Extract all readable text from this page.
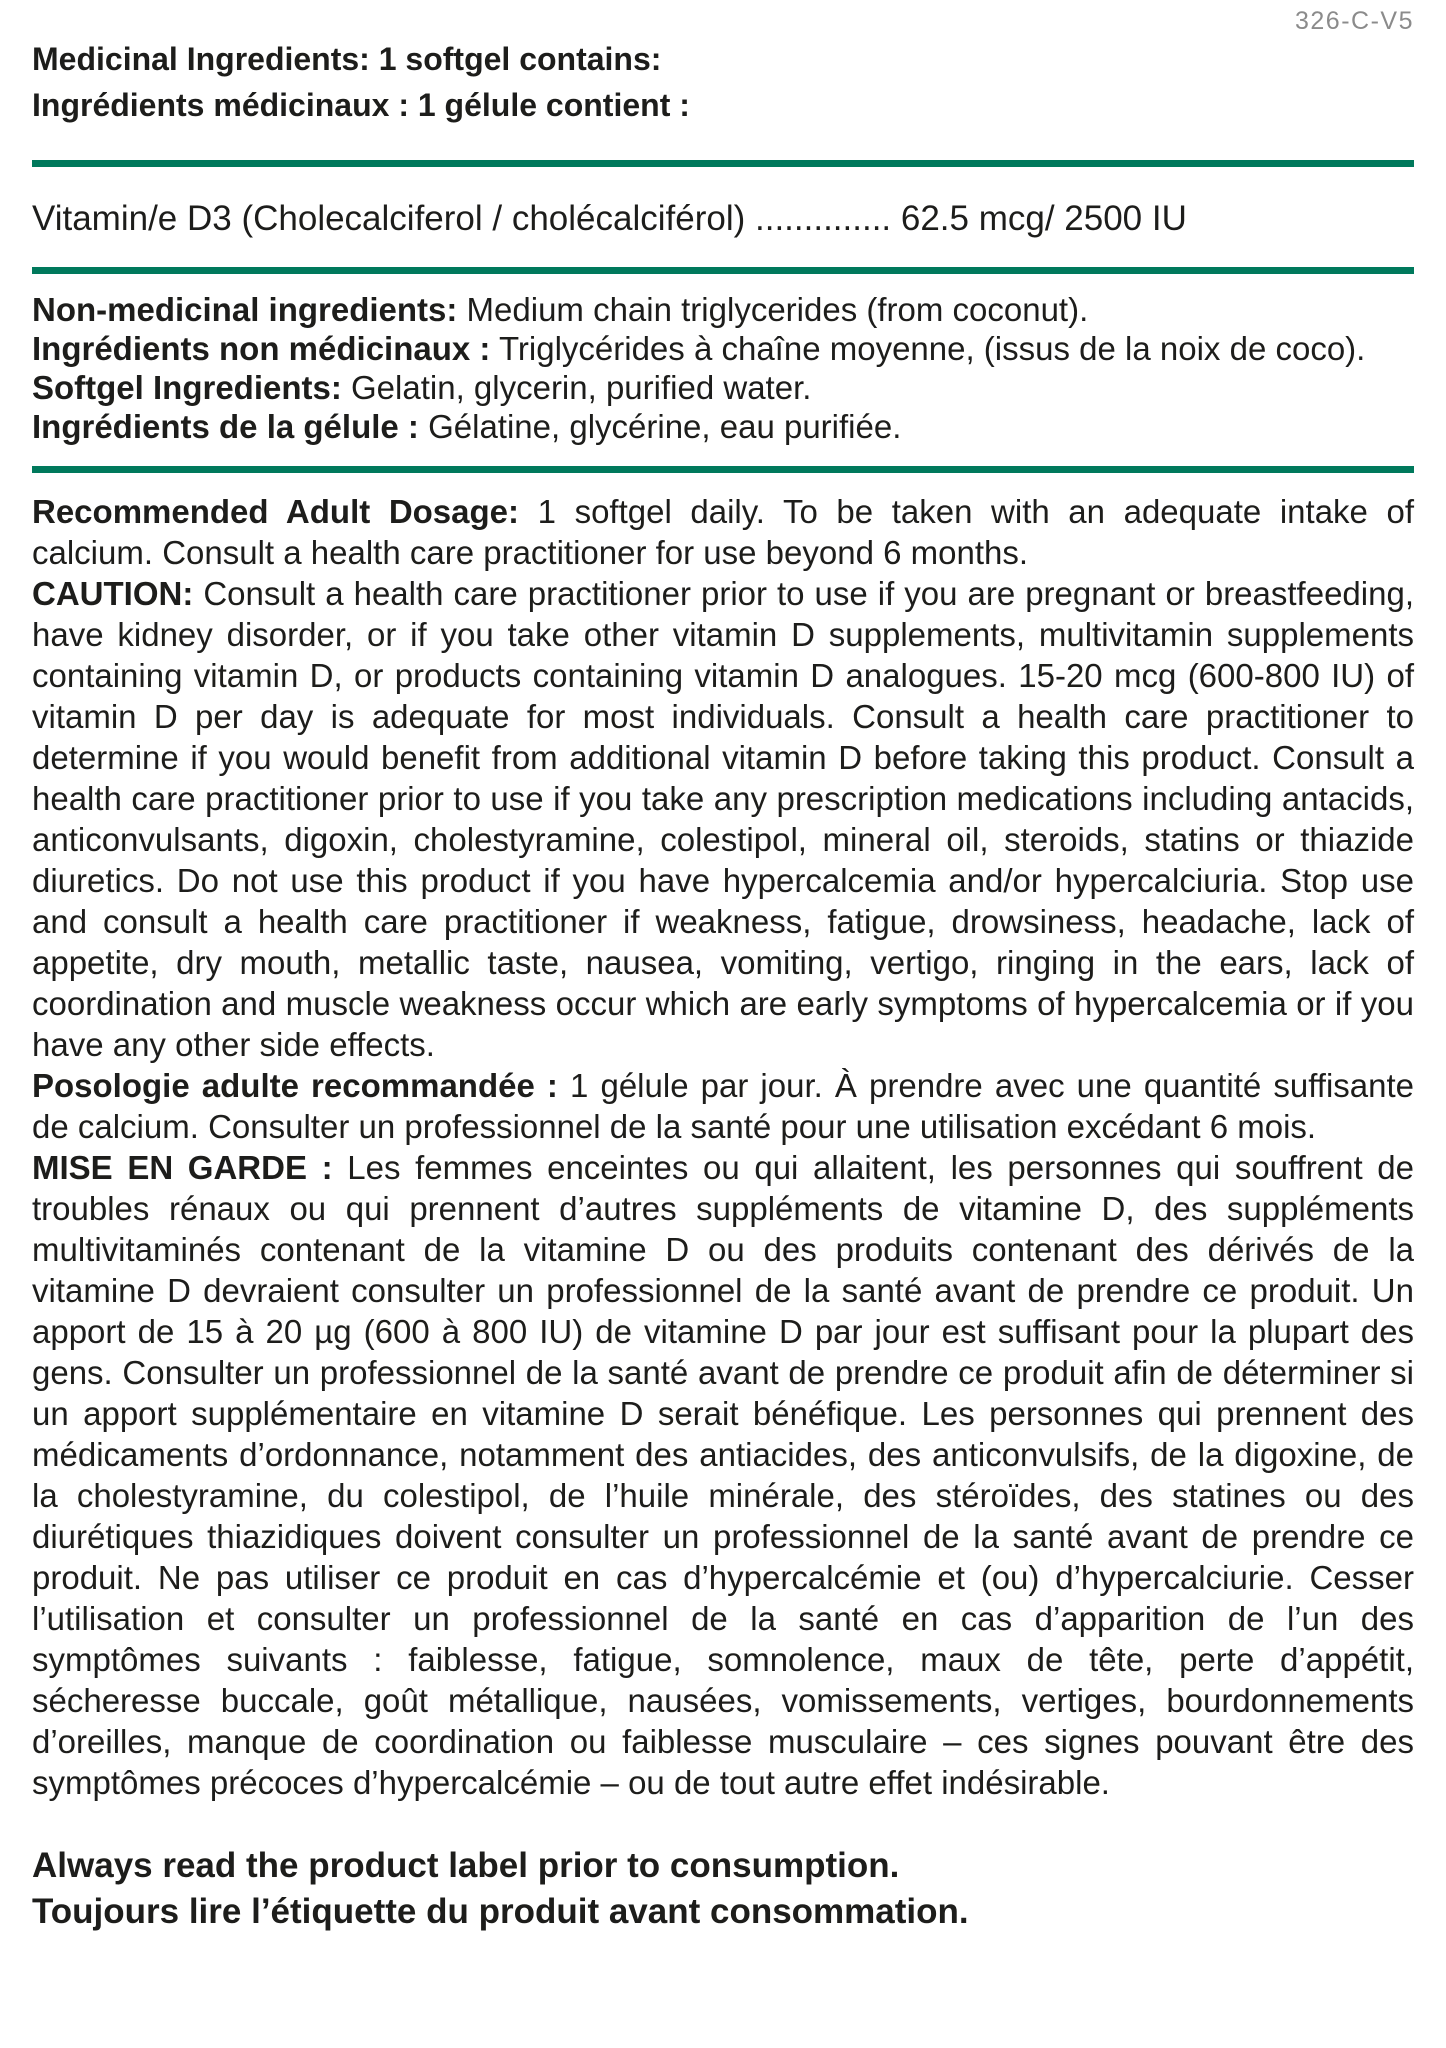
326-C-V5
Medicinal Ingredients: 1 softgel contains:
Ingrédients médicinaux : 1 gélule contient :
Vitamin/e D3 (Cholecalciferol / cholécalciférol) .............. 62.5 mcg/ 2500 IU

Non-medicinal ingredients: Medium chain triglycerides (from coconut).

Ingrédients non médicinaux : Triglycérides à chaîne moyenne, (issus de la noix de coco).

Softgel Ingredients: Gelatin, glycerin, purified water.

Ingrédients de la gélule : Gélatine, glycérine, eau purifiée.

Recommended Adult Dosage: 1 softgel daily. To be taken with an adequate intake of calcium. Consult a health care practitioner for use beyond 6 months.

CAUTION: Consult a health care practitioner prior to use if you are pregnant or breastfeeding, have kidney disorder, or if you take other vitamin D supplements, multivitamin supplements containing vitamin D, or products containing vitamin D analogues. 15-20 mcg (600-800 IU) of vitamin D per day is adequate for most individuals. Consult a health care practitioner to determine if you would benefit from additional vitamin D before taking this product. Consult a health care practitioner prior to use if you take any prescription medications including antacids, anticonvulsants, digoxin, cholestyramine, colestipol, mineral oil, steroids, statins or thiazide diuretics. Do not use this product if you have hypercalcemia and/or hypercalciuria. Stop use and consult a health care practitioner if weakness, fatigue, drowsiness, headache, lack of appetite, dry mouth, metallic taste, nausea, vomiting, vertigo, ringing in the ears, lack of coordination and muscle weakness occur which are early symptoms of hypercalcemia or if you have any other side effects.

Posologie adulte recommandée : 1 gélule par jour. À prendre avec une quantité suffisante de calcium. Consulter un professionnel de la santé pour une utilisation excédant 6 mois.

MISE EN GARDE : Les femmes enceintes ou qui allaitent, les personnes qui souffrent de troubles rénaux ou qui prennent d’autres suppléments de vitamine D, des suppléments multivitaminés contenant de la vitamine D ou des produits contenant des dérivés de la vitamine D devraient consulter un professionnel de la santé avant de prendre ce produit. Un apport de 15 à 20 µg (600 à 800 IU) de vitamine D par jour est suffisant pour la plupart des gens. Consulter un professionnel de la santé avant de prendre ce produit afin de déterminer si un apport supplémentaire en vitamine D serait bénéfique. Les personnes qui prennent des médicaments d’ordonnance, notamment des antiacides, des anticonvulsifs, de la digoxine, de la cholestyramine, du colestipol, de l’huile minérale, des stéroïdes, des statines ou des diurétiques thiazidiques doivent consulter un professionnel de la santé avant de prendre ce produit. Ne pas utiliser ce produit en cas d’hypercalcémie et (ou) d’hypercalciurie. Cesser l’utilisation et consulter un professionnel de la santé en cas d’apparition de l’un des symptômes suivants : faiblesse, fatigue, somnolence, maux de tête, perte d’appétit, sécheresse buccale, goût métallique, nausées, vomissements, vertiges, bourdonnements d’oreilles, manque de coordination ou faiblesse musculaire – ces signes pouvant être des symptômes précoces d’hypercalcémie – ou de tout autre effet indésirable.

Always read the product label prior to consumption.
Toujours lire l’étiquette du produit avant consommation.
